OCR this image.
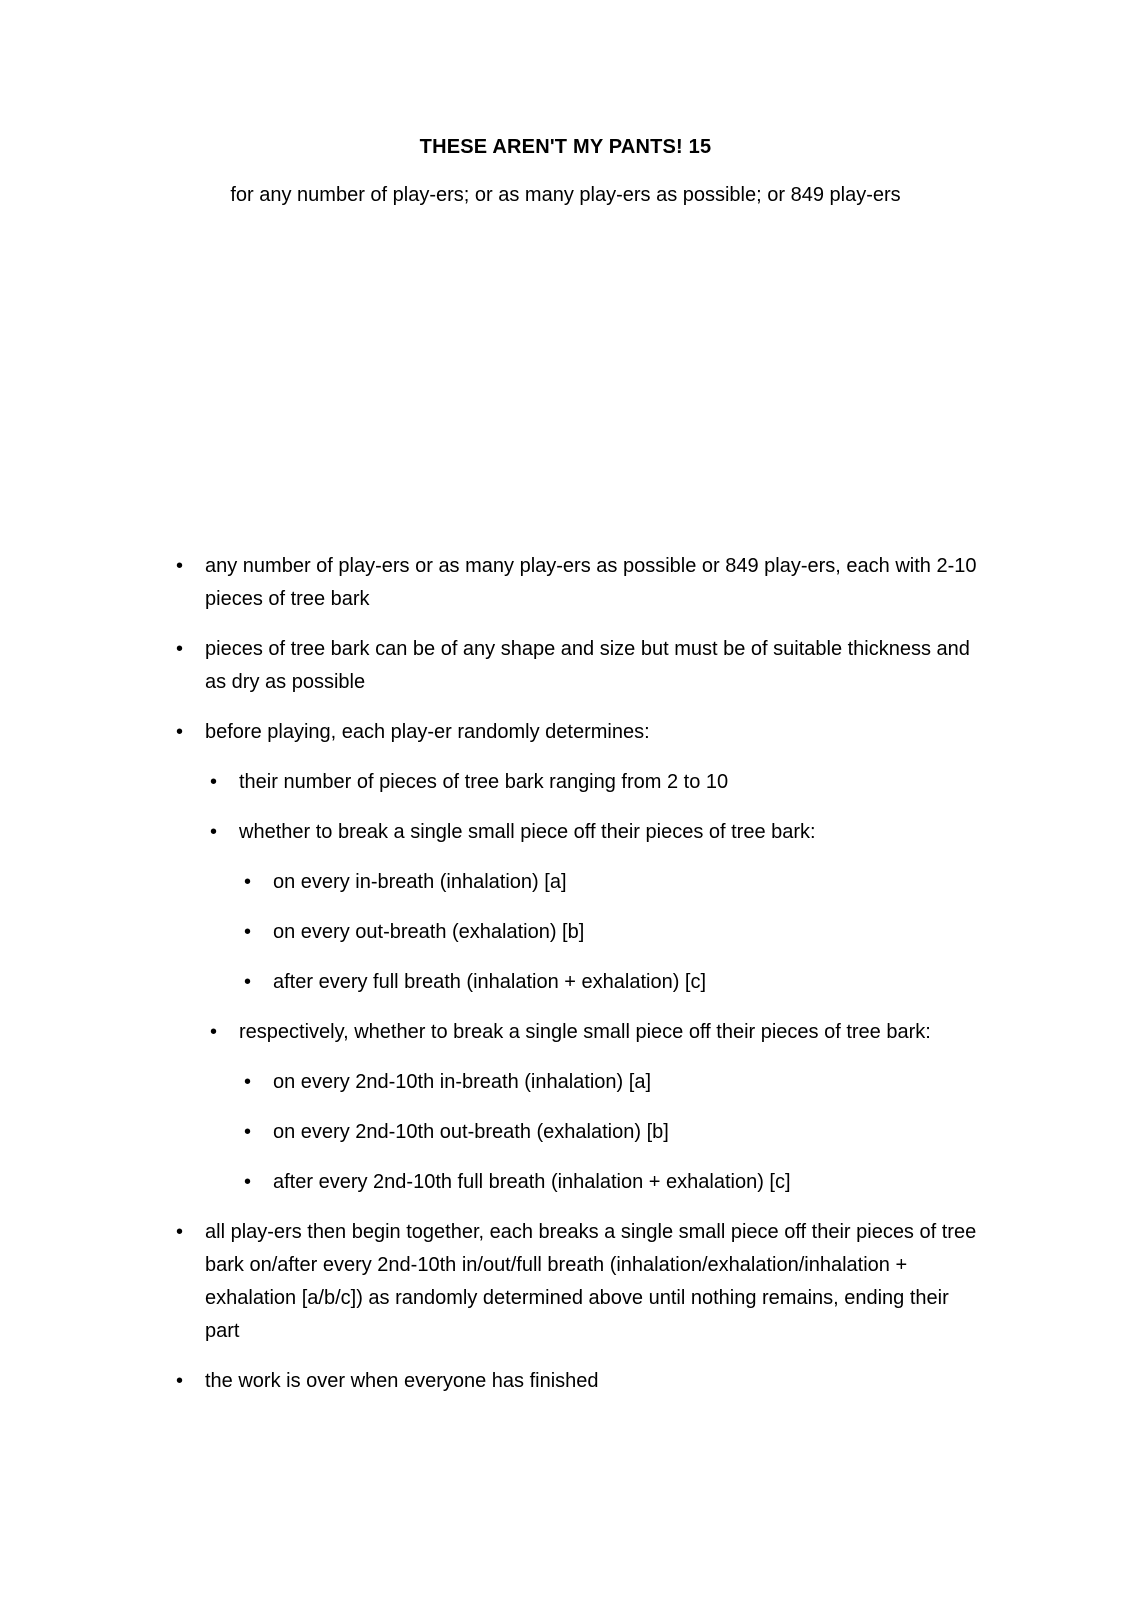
THESE AREN'T MY PANTS! 15
for any number of play-ers; or as many play-ers as possible; or 849 play-ers
•	any number of play-ers or as many play-ers as possible or 849 play-ers, each with 2-10 pieces of tree bark
•	pieces of tree bark can be of any shape and size but must be of suitable thickness and as dry as possible
•	before playing, each play-er randomly determines:
•	their number of pieces of tree bark ranging from 2 to 10
•	whether to break a single small piece off their pieces of tree bark:
•	on every in-breath (inhalation) [a]
•	on every out-breath (exhalation) [b]
•	after every full breath (inhalation + exhalation) [c]
•	respectively, whether to break a single small piece off their pieces of tree bark:
•	on every 2nd-10th in-breath (inhalation) [a]
•	on every 2nd-10th out-breath (exhalation) [b]
•	after every 2nd-10th full breath (inhalation + exhalation) [c]
•	all play-ers then begin together, each breaks a single small piece off their pieces of tree bark on/after every 2nd-10th in/out/full breath (inhalation/exhalation/inhalation + exhalation [a/b/c]) as randomly determined above until nothing remains, ending their part
•	the work is over when everyone has finished
